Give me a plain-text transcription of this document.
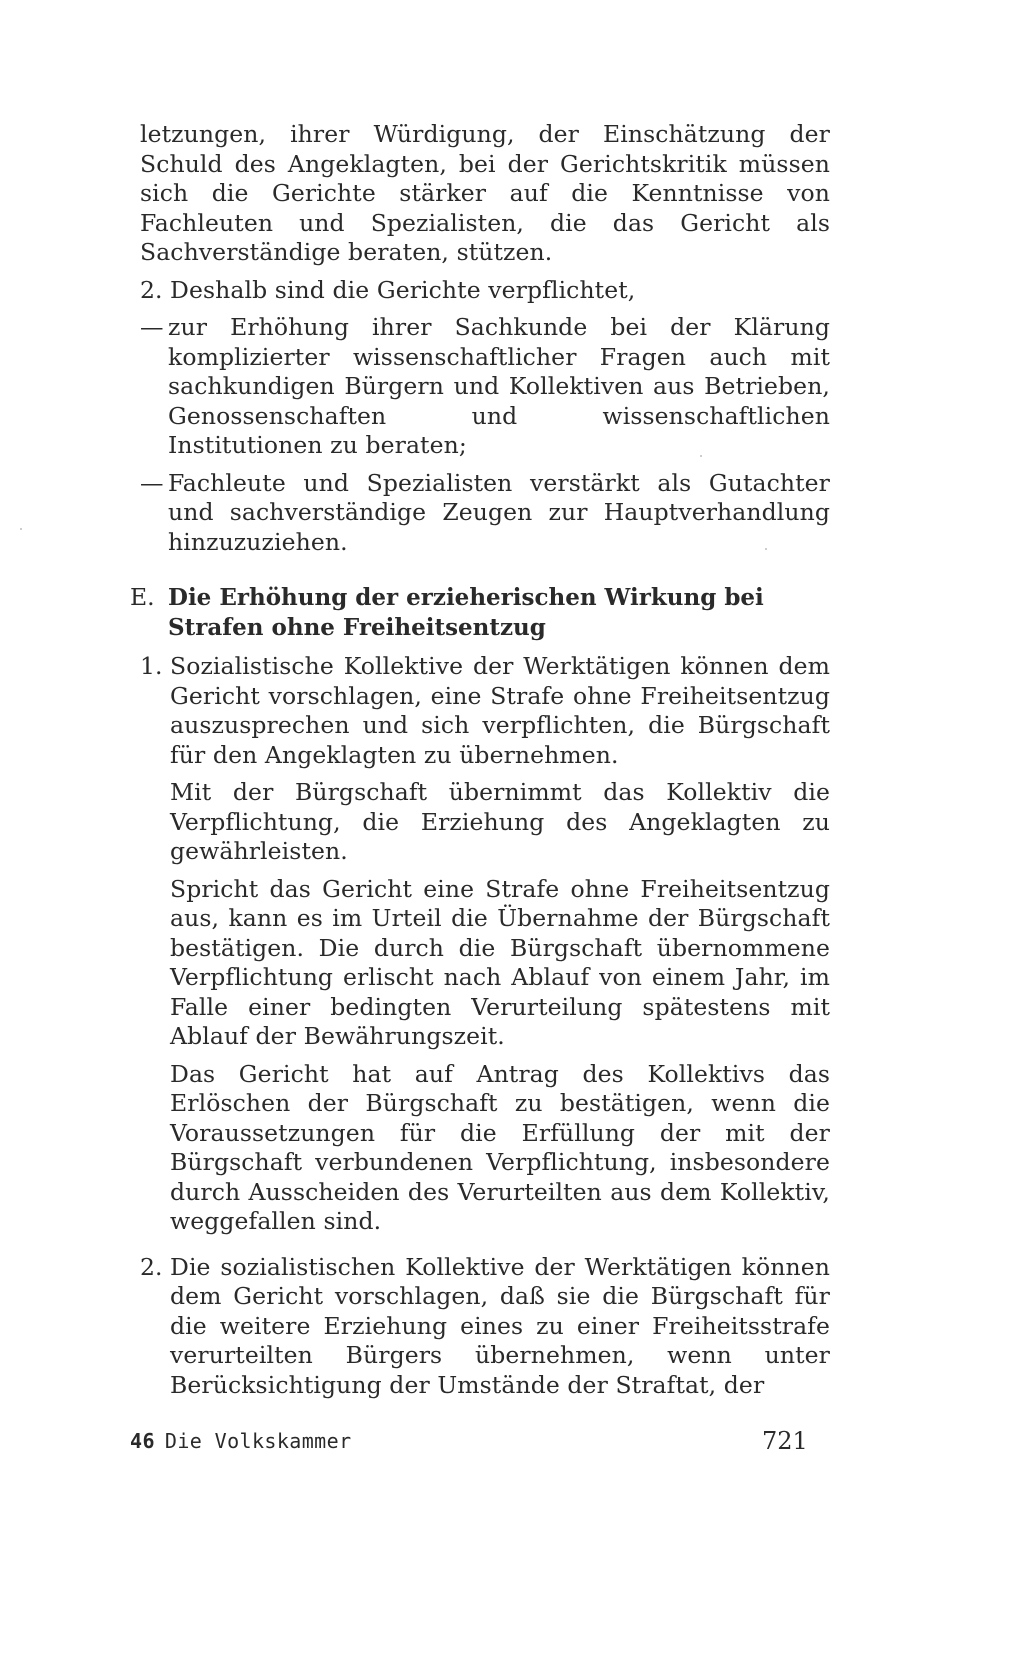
letzungen, ihrer Würdigung, der Einschätzung der Schuld des Angeklagten, bei der Gerichtskritik müssen sich die Gerichte stärker auf die Kenntnisse von Fachleuten und Spezialisten, die das Gericht als Sachverständige beraten, stützen.

2. Deshalb sind die Gerichte verpflichtet,

— zur Erhöhung ihrer Sachkunde bei der Klärung komplizierter wissenschaftlicher Fragen auch mit sachkundigen Bürgern und Kollektiven aus Betrieben, Genossenschaften und wissenschaftlichen Institutionen zu beraten;

— Fachleute und Spezialisten verstärkt als Gutachter und sachverständige Zeugen zur Hauptverhandlung hinzuzuziehen.

E. Die Erhöhung der erzieherischen Wirkung bei Strafen ohne Freiheitsentzug
1. Sozialistische Kollektive der Werktätigen können dem Gericht vorschlagen, eine Strafe ohne Freiheitsentzug auszusprechen und sich verpflichten, die Bürgschaft für den Angeklagten zu übernehmen.

Mit der Bürgschaft übernimmt das Kollektiv die Verpflichtung, die Erziehung des Angeklagten zu gewährleisten.

Spricht das Gericht eine Strafe ohne Freiheitsentzug aus, kann es im Urteil die Übernahme der Bürgschaft bestätigen. Die durch die Bürgschaft übernommene Verpflichtung erlischt nach Ablauf von einem Jahr, im Falle einer bedingten Verurteilung spätestens mit Ablauf der Bewährungszeit.

Das Gericht hat auf Antrag des Kollektivs das Erlöschen der Bürgschaft zu bestätigen, wenn die Voraussetzungen für die Erfüllung der mit der Bürgschaft verbundenen Verpflichtung, insbesondere durch Ausscheiden des Verurteilten aus dem Kollektiv, weggefallen sind.

2. Die sozialistischen Kollektive der Werktätigen können dem Gericht vorschlagen, daß sie die Bürgschaft für die weitere Erziehung eines zu einer Freiheitsstrafe verurteilten Bürgers übernehmen, wenn unter Berücksichtigung der Umstände der Straftat, der

46 Die Volkskammer	721
